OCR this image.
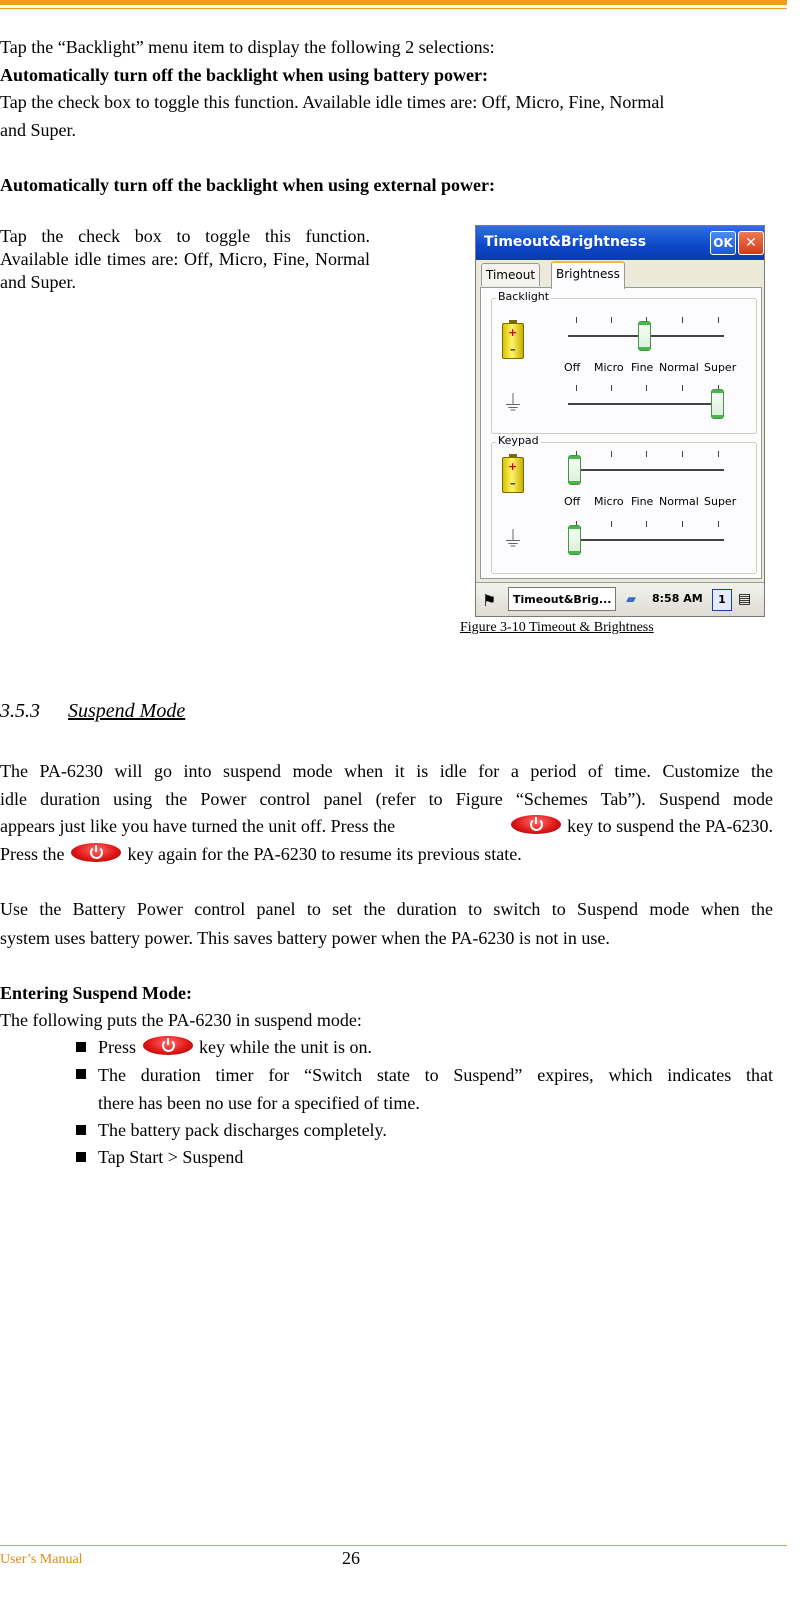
Tap the “Backlight” menu item to display the following 2 selections:
Automatically turn off the backlight when using battery power:
Tap the check box to toggle this function. Available idle times are: Off, Micro, Fine, Normal
and Super.
Automatically turn off the backlight when using external power:
Tap the check box to toggle this function. Available idle times are: Off, Micro, Fine, Normal and Super.
Timeout&Brightness	OK ✕
Timeout	Brightness
Backlight
+
–
Off Micro Fine Normal Super
⏚
Keypad
+
–
Off Micro Fine Normal Super
⏚
⚑	Timeout&Brig...	▰ 8:58 AM	1 ▤
Figure 3-10 Timeout & Brightness
3.5.3 Suspend Mode
The PA-6230 will go into suspend mode when it is idle for a period of time. Customize the
idle duration using the Power control panel (refer to Figure “Schemes Tab”). Suspend mode
appears just like you have turned the unit off. Press the	key to suspend the PA-6230.
Press the	key again for the PA-6230 to resume its previous state.
Use the Battery Power control panel to set the duration to switch to Suspend mode when the
system uses battery power. This saves battery power when the PA-6230 is not in use.
Entering Suspend Mode:
The following puts the PA-6230 in suspend mode:
Press	key while the unit is on.
The duration timer for “Switch state to Suspend” expires, which indicates that
there has been no use for a specified of time.
The battery pack discharges completely.
Tap Start > Suspend
User’s Manual	26
